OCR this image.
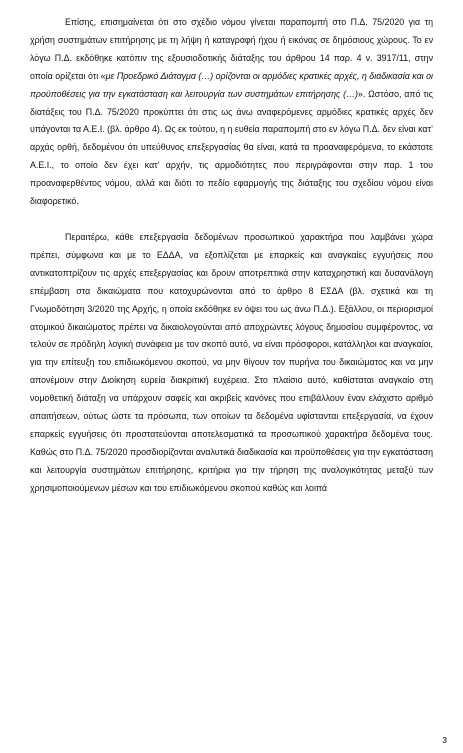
Επίσης, επισημαίνεται ότι στο σχέδιο νόμου γίνεται παραπομπή στο Π.Δ. 75/2020 για τη χρήση συστημάτων επιτήρησης με τη λήψη ή καταγραφή ήχου ή εικόνας σε δημόσιους χώρους. Το εν λόγω Π.Δ. εκδόθηκε κατόπιν της εξουσιοδοτικής διάταξης του άρθρου 14 παρ. 4 ν. 3917/11, στην οποία ορίζεται ότι «με Προεδρικό Διάταγμα (…) ορίζονται οι αρμόδιες κρατικές αρχές, η διαδικασία και οι προϋποθέσεις για την εγκατάσταση και λειτουργία των συστημάτων επιτήρησης (…)». Ωστόσο, από τις διατάξεις του Π.Δ. 75/2020 προκύπτει ότι στις ως άνω αναφερόμενες αρμόδιες κρατικές αρχές δεν υπάγονται τα Α.Ε.Ι. (βλ. άρθρο 4). Ως εκ τούτου, η η ευθεία παραπομπή στο εν λόγω Π.Δ. δεν είναι κατ’ αρχάς ορθή, δεδομένου ότι υπεύθυνος επεξεργασίας θα είναι, κατά τα προαναφερόμενα, το εκάστοτε Α.Ε.Ι., το οποίο δεν έχει κατ’ αρχήν, τις αρμοδιότητες που περιγράφονται στην παρ. 1 του προαναφερθέντος νόμου, αλλά και διότι το πεδίο εφαρμογής της διάταξης του σχεδίου νόμου είναι διαφορετικό.

Περαιτέρω, κάθε επεξεργασία δεδομένων προσωπικού χαρακτήρα που λαμβάνει χώρα πρέπει, σύμφωνα και με το ΕΔΔΑ, να εξοπλίζεται με επαρκείς και αναγκαίες εγγυήσεις που αντικατοπτρίζουν τις αρχές επεξεργασίας και δρουν αποτρεπτικά στην καταχρηστική και δυσανάλογη επέμβαση στα δικαιώματα που κατοχυρώνονται από το άρθρο 8 ΕΣΔΑ (βλ. σχετικά και τη Γνωμοδότηση 3/2020 της Αρχής, η οποία εκδόθηκε εν όψει του ως άνω Π.Δ.). Εξάλλου, οι περιορισμοί ατομικού δικαιώματος πρέπει να δικαιολογούνται από αποχρώντες λόγους δημοσίου συμφέροντος, να τελούν σε πρόδηλη λογική συνάφεια με τον σκοπό αυτό, να είναι πρόσφοροι, κατάλληλοι και αναγκαίοι, για την επίτευξη του επιδιωκόμενου σκοπού, να μην θίγουν τον πυρήνα του δικαιώματος και να μην απονέμουν στην Διοίκηση ευρεία διακριτική ευχέρεια. Στο πλαίσιο αυτό, καθίσταται αναγκαίο στη νομοθετική διάταξη να υπάρχουν σαφείς και ακριβείς κανόνες που επιβάλλουν έναν ελάχιστο αριθμό απαιτήσεων, ούτως ώστε τα πρόσωπα, των οποίων τα δεδομένα υφίστανται επεξεργασία, να έχουν επαρκείς εγγυήσεις ότι προστατεύονται αποτελεσματικά τα προσωπικού χαρακτήρα δεδομένα τους. Καθώς στο Π.Δ. 75/2020 προσδιορίζονται αναλυτικά διαδικασία και προϋποθέσεις για την εγκατάσταση και λειτουργία συστημάτων επιτήρησης, κριτήρια για την τήρηση της αναλογικότητας μεταξύ των χρησιμοποιούμενων μέσων και του επιδιωκόμενου σκοπού καθώς και λοιπά

3
